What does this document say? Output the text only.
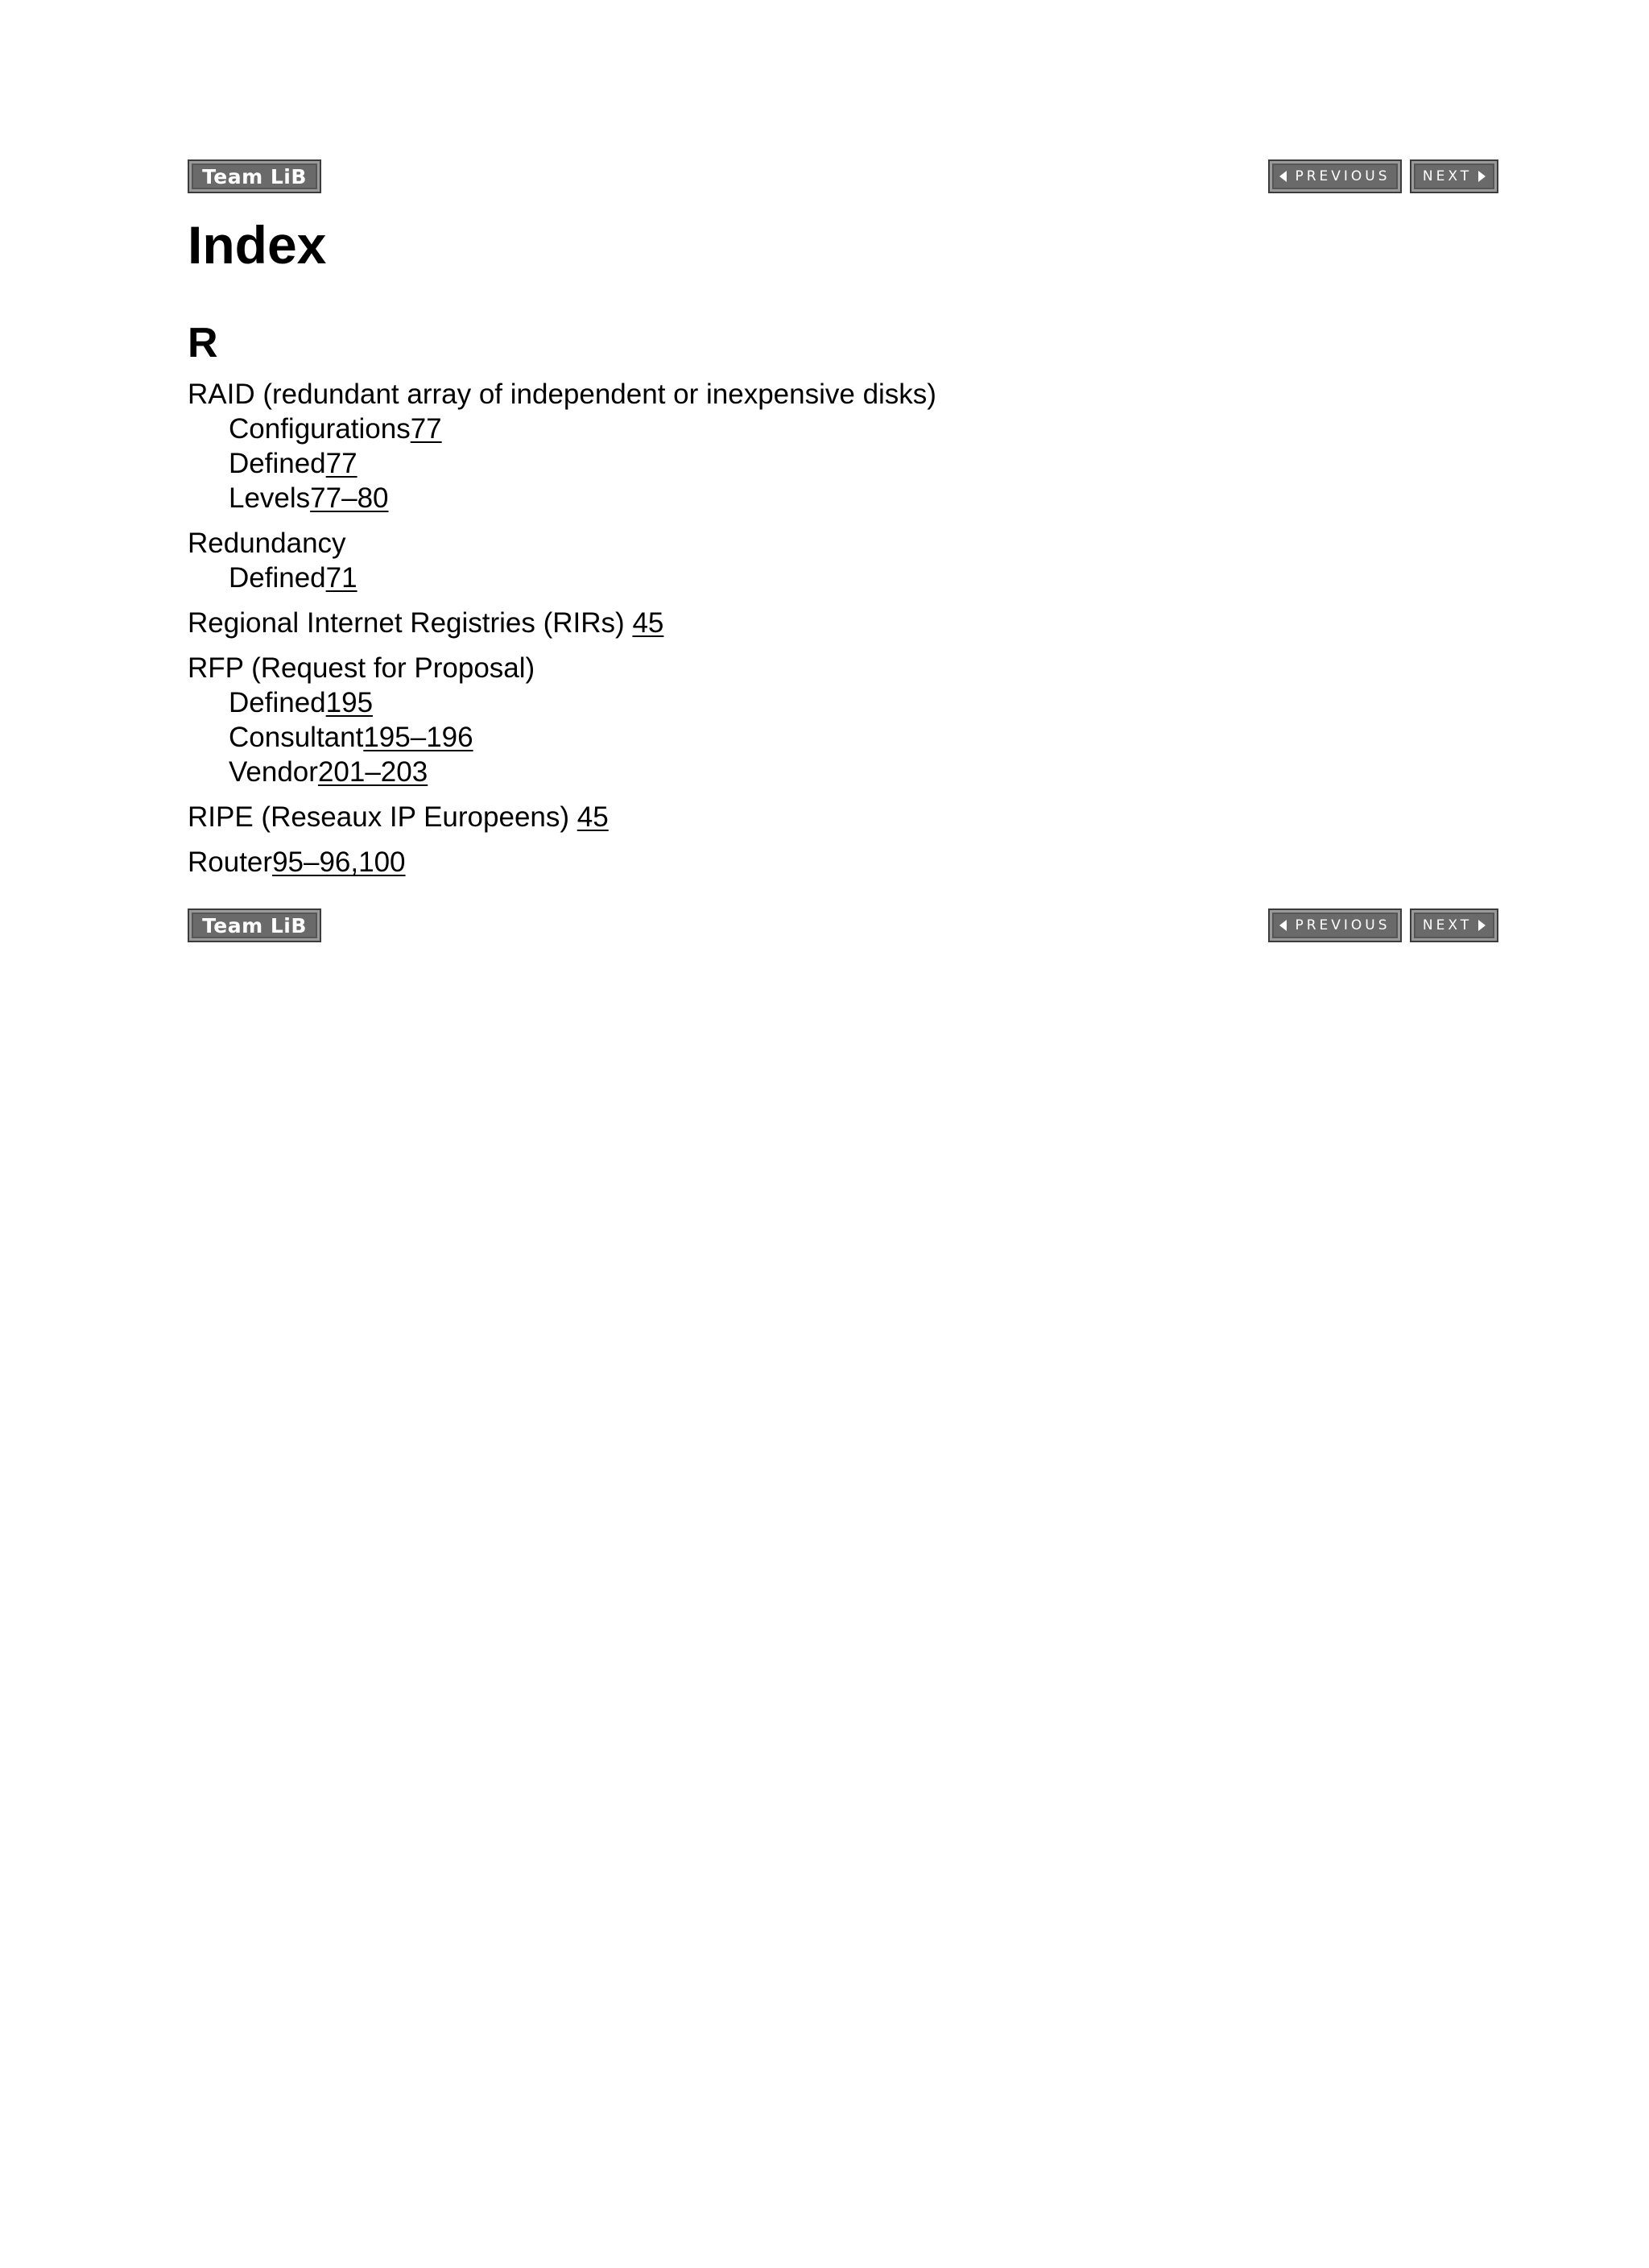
Team LiB	PREVIOUS NEXT
Index
R
RAID (redundant array of independent or inexpensive disks)
Configurations77
Defined77
Levels77–80
Redundancy
Defined71
Regional Internet Registries (RIRs) 45
RFP (Request for Proposal)
Defined195
Consultant195–196
Vendor201–203
RIPE (Reseaux IP Europeens) 45
Router95–96,100
Team LiB	PREVIOUS NEXT
